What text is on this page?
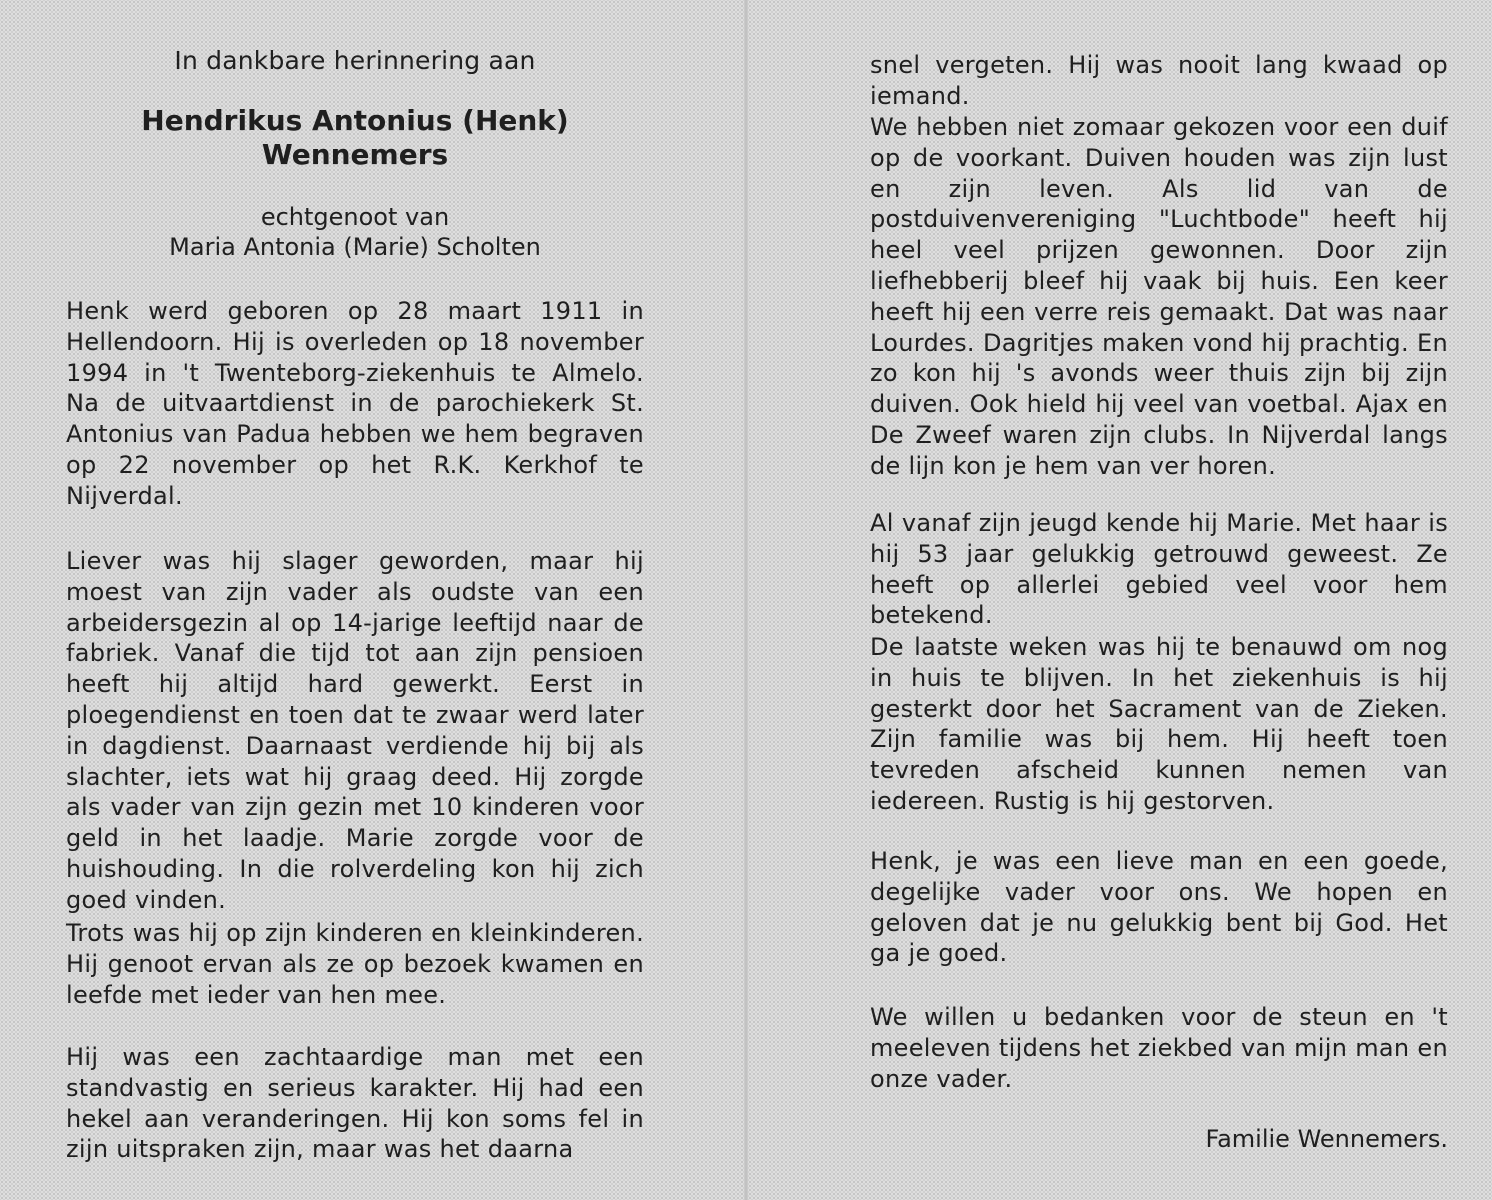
In dankbare herinnering aan
Hendrikus Antonius (Henk)
Wennemers
echtgenoot van
Maria Antonia (Marie) Scholten
Henk werd geboren op 28 maart 1911 in Hellendoorn. Hij is overleden op 18 november 1994 in 't Twenteborg-ziekenhuis te Almelo. Na de uitvaartdienst in de parochiekerk St. Antonius van Padua hebben we hem begraven op 22 november op het R.K. Kerkhof te Nijverdal.
Liever was hij slager geworden, maar hij moest van zijn vader als oudste van een arbeidersgezin al op 14-jarige leeftijd naar de fabriek. Vanaf die tijd tot aan zijn pensioen heeft hij altijd hard gewerkt. Eerst in ploegendienst en toen dat te zwaar werd later in dagdienst. Daarnaast verdiende hij bij als slachter, iets wat hij graag deed. Hij zorgde als vader van zijn gezin met 10 kinderen voor geld in het laadje. Marie zorgde voor de huishouding. In die rolverdeling kon hij zich goed vinden.
Trots was hij op zijn kinderen en kleinkinderen. Hij genoot ervan als ze op bezoek kwamen en leefde met ieder van hen mee.
Hij was een zachtaardige man met een standvastig en serieus karakter. Hij had een hekel aan veranderingen. Hij kon soms fel in zijn uitspraken zijn, maar was het daarna
snel vergeten. Hij was nooit lang kwaad op iemand.
We hebben niet zomaar gekozen voor een duif op de voorkant. Duiven houden was zijn lust en zijn leven. Als lid van de postduivenvereniging "Luchtbode" heeft hij heel veel prijzen gewonnen. Door zijn liefhebberij bleef hij vaak bij huis. Een keer heeft hij een verre reis gemaakt. Dat was naar Lourdes. Dagritjes maken vond hij prachtig. En zo kon hij 's avonds weer thuis zijn bij zijn duiven. Ook hield hij veel van voetbal. Ajax en De Zweef waren zijn clubs. In Nijverdal langs de lijn kon je hem van ver horen.
Al vanaf zijn jeugd kende hij Marie. Met haar is hij 53 jaar gelukkig getrouwd geweest. Ze heeft op allerlei gebied veel voor hem betekend.
De laatste weken was hij te benauwd om nog in huis te blijven. In het ziekenhuis is hij gesterkt door het Sacrament van de Zieken. Zijn familie was bij hem. Hij heeft toen tevreden afscheid kunnen nemen van iedereen. Rustig is hij gestorven.
Henk, je was een lieve man en een goede, degelijke vader voor ons. We hopen en geloven dat je nu gelukkig bent bij God. Het ga je goed.
We willen u bedanken voor de steun en 't meeleven tijdens het ziekbed van mijn man en onze vader.
Familie Wennemers.
